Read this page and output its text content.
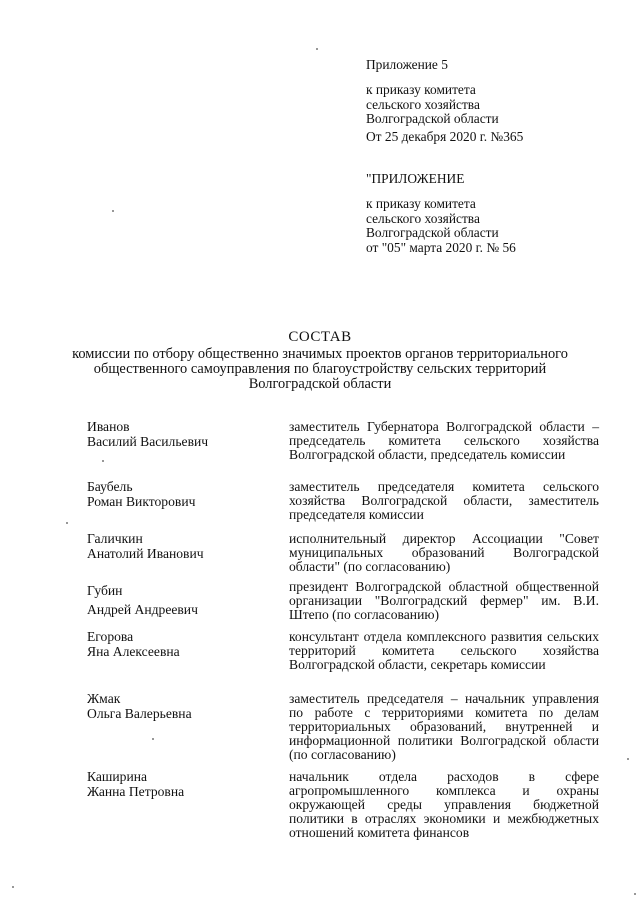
Приложение 5
к приказу комитета
сельского хозяйства
Волгоградской области
От 25 декабря 2020 г. №365
"ПРИЛОЖЕНИЕ
к приказу комитета
сельского хозяйства
Волгоградской области
от "05" марта 2020 г. № 56
СОСТАВ
комиссии по отбору общественно значимых проектов органов территориального общественного самоуправления по благоустройству сельских территорий Волгоградской области
Иванов
Василий Васильевич
заместитель Губернатора Волгоградской области – председатель комитета сельского хозяйства Волгоградской области, председатель комиссии
Баубель
Роман Викторович
заместитель председателя комитета сельского хозяйства Волгоградской области, заместитель председателя комиссии
Галичкин
Анатолий Иванович
исполнительный директор Ассоциации "Совет муниципальных образований Волгоградской области" (по согласованию)
Губин
Андрей Андреевич
президент Волгоградской областной общественной организации "Волгоградский фермер" им. В.И. Штепо (по согласованию)
Егорова
Яна Алексеевна
консультант отдела комплексного развития сельских территорий комитета сельского хозяйства Волгоградской области, секретарь комиссии
Жмак
Ольга Валерьевна
заместитель председателя – начальник управления по работе с территориями комитета по делам территориальных образований, внутренней и информационной политики Волгоградской области (по согласованию)
Каширина
Жанна Петровна
начальник отдела расходов в сфере агропромышленного комплекса и охраны окружающей среды управления бюджетной политики в отраслях экономики и межбюджетных отношений комитета финансов
